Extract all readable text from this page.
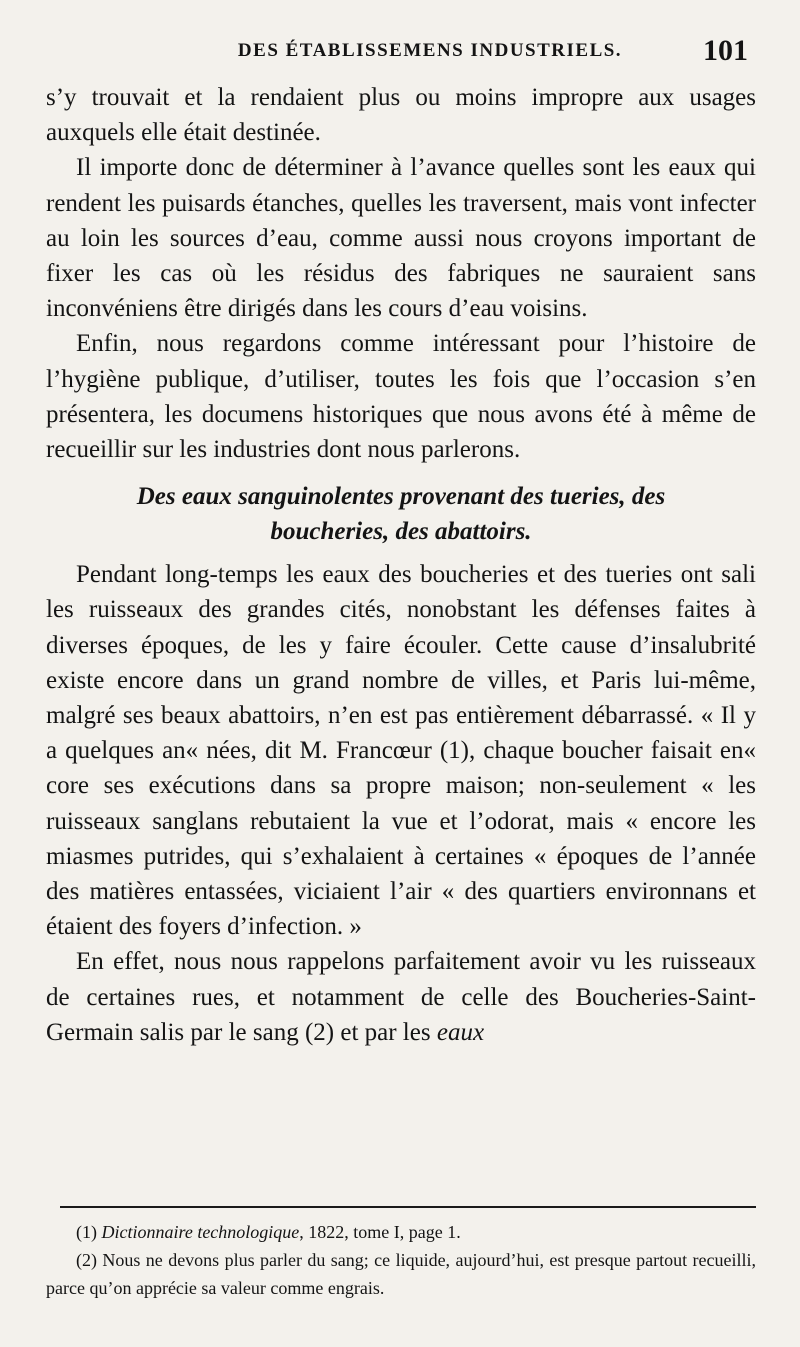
DES ÉTABLISSEMENS INDUSTRIELS.	101

s’y trouvait et la rendaient plus ou moins impropre aux usages auxquels elle était destinée.

Il importe donc de déterminer à l’avance quelles sont les eaux qui rendent les puisards étanches, quelles les traversent, mais vont infecter au loin les sources d’eau, comme aussi nous croyons important de fixer les cas où les résidus des fabriques ne sauraient sans inconvéniens être dirigés dans les cours d’eau voisins.

Enfin, nous regardons comme intéressant pour l’histoire de l’hygiène publique, d’utiliser, toutes les fois que l’occasion s’en présentera, les documens historiques que nous avons été à même de recueillir sur les industries dont nous parlerons.

Des eaux sanguinolentes provenant des tueries, des
boucheries, des abattoirs.

Pendant long-temps les eaux des boucheries et des tueries ont sali les ruisseaux des grandes cités, nonobstant les défenses faites à diverses époques, de les y faire écouler. Cette cause d’insalubrité existe encore dans un grand nombre de villes, et Paris lui-même, malgré ses beaux abattoirs, n’en est pas entièrement débarrassé. « Il y a quelques an« nées, dit M. Francœur (1), chaque boucher faisait en« core ses exécutions dans sa propre maison; non-seulement « les ruisseaux sanglans rebutaient la vue et l’odorat, mais « encore les miasmes putrides, qui s’exhalaient à certaines « époques de l’année des matières entassées, viciaient l’air « des quartiers environnans et étaient des foyers d’infection. »

En effet, nous nous rappelons parfaitement avoir vu les ruisseaux de certaines rues, et notamment de celle des Boucheries-Saint-Germain salis par le sang (2) et par les eaux

(1) Dictionnaire technologique, 1822, tome I, page 1.

(2) Nous ne devons plus parler du sang; ce liquide, aujourd’hui, est presque partout recueilli, parce qu’on apprécie sa valeur comme engrais.
